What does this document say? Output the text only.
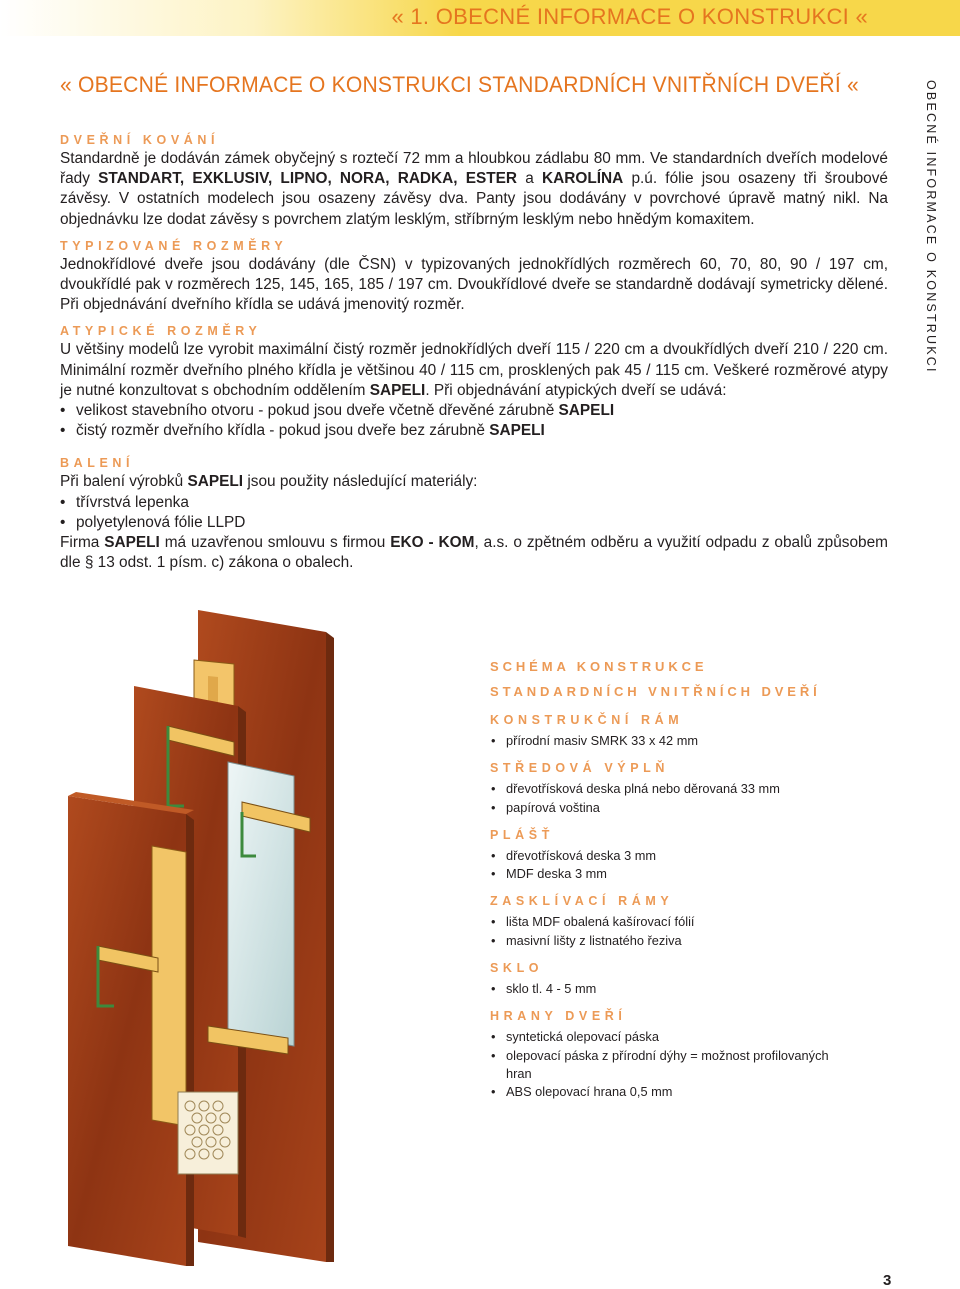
« 1. OBECNÉ INFORMACE O KONSTRUKCI «
« OBECNÉ INFORMACE O KONSTRUKCI STANDARDNÍCH VNITŘNÍCH DVEŘÍ «	OBECNÉ INFORMACE O KONSTRUKCI
DVEŘNÍ KOVÁNÍ

Standardně je dodáván zámek obyčejný s roztečí 72 mm a hloubkou zádlabu 80 mm. Ve standardních dveřích modelové řady STANDART, EXKLUSIV, LIPNO, NORA, RADKA, ESTER a KAROLÍNA p.ú. fólie jsou osazeny tři šroubové závěsy. V ostatních modelech jsou osazeny závěsy dva. Panty jsou dodávány v povrchové úpravě matný nikl. Na objednávku lze dodat závěsy s povrchem zlatým lesklým, stříbrným lesklým nebo hnědým komaxitem.

TYPIZOVANÉ ROZMĚRY

Jednokřídlové dveře jsou dodávány (dle ČSN) v typizovaných jednokřídlých rozměrech 60, 70, 80, 90 / 197 cm, dvoukřídlé pak v rozměrech 125, 145, 165, 185 / 197 cm. Dvoukřídlové dveře se standardně dodávají symetricky dělené. Při objednávání dveřního křídla se udává jmenovitý rozměr.

ATYPICKÉ ROZMĚRY

U většiny modelů lze vyrobit maximální čistý rozměr jednokřídlých dveří 115 / 220 cm a dvoukřídlých dveří 210 / 220 cm. Minimální rozměr dveřního plného křídla je většinou 40 / 115 cm, prosklených pak 45 / 115 cm. Veškeré rozměrové atypy je nutné konzultovat s obchodním oddělením SAPELI. Při objednávání atypických dveří se udává:

• velikost stavebního otvoru - pokud jsou dveře včetně dřevěné zárubně SAPELI
• čistý rozměr dveřního křídla - pokud jsou dveře bez zárubně SAPELI
BALENÍ

Při balení výrobků SAPELI jsou použity následující materiály:

• třívrstvá lepenka
• polyetylenová fólie LLPD

Firma SAPELI má uzavřenou smlouvu s firmou EKO - KOM, a.s. o zpětném odběru a využití odpadu z obalů způsobem dle § 13 odst. 1 písm. c) zákona o obalech.

SCHÉMA KONSTRUKCE
STANDARDNÍCH VNITŘNÍCH DVEŘÍ
KONSTRUKČNÍ RÁM
• přírodní masiv SMRK 33 x 42 mm
STŘEDOVÁ VÝPLŇ
• dřevotřísková deska plná nebo děrovaná 33 mm
• papírová voština
PLÁŠŤ
• dřevotřísková deska 3 mm
• MDF deska 3 mm
ZASKLÍVACÍ RÁMY
• lišta MDF obalená kašírovací fólií
• masivní lišty z listnatého řeziva
SKLO
• sklo tl. 4 - 5 mm
HRANY DVEŘÍ
• syntetická olepovací páska
• olepovací páska z přírodní dýhy = možnost profilovaných hran
• ABS olepovací hrana 0,5 mm
3
